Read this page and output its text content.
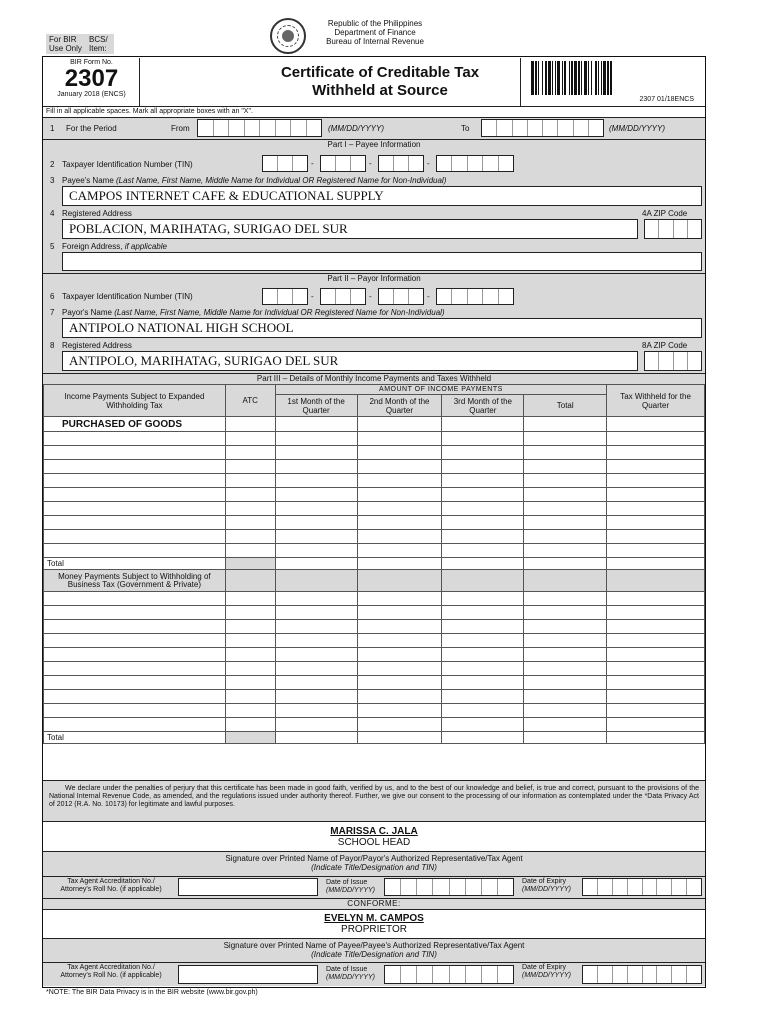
For BIR
Use Only
BCS/
Item:
Republic of the Philippines
Department of Finance
Bureau of Internal Revenue
BIR Form No.
2307
January 2018 (ENCS)
Certificate of Creditable Tax
Withheld at Source
2307 01/18ENCS
Fill in all applicable spaces. Mark all appropriate boxes with an "X".
1 For the Period	From	(MM/DD/YYYY)	To	(MM/DD/YYYY)
Part I – Payee Information
2 Taxpayer Identification Number (TIN)	-	-	-
3 Payee's Name (Last Name, First Name, Middle Name for Individual OR Registered Name for Non-Individual)
CAMPOS INTERNET CAFE & EDUCATIONAL SUPPLY
4 Registered Address	4A ZIP Code
POBLACION, MARIHATAG, SURIGAO DEL SUR
5 Foreign Address, if applicable
Part II – Payor Information
6 Taxpayer Identification Number (TIN)	-	-	-
7 Payor's Name (Last Name, First Name, Middle Name for Individual OR Registered Name for Non-Individual)
ANTIPOLO NATIONAL HIGH SCHOOL
8 Registered Address	8A ZIP Code
ANTIPOLO, MARIHATAG, SURIGAO DEL SUR
Part III – Details of Monthly Income Payments and Taxes Withheld
Income Payments Subject to Expanded Withholding Tax	ATC	AMOUNT OF INCOME PAYMENTS				Tax Withheld for the Quarter
		1st Month of the Quarter	2nd Month of the Quarter	3rd Month of the Quarter	Total	
PURCHASED OF GOODS						

Total						
Money Payments Subject to Withholding of Business Tax (Government & Private)						

Total						
We declare under the penalties of perjury that this certificate has been made in good faith, verified by us, and to the best of our knowledge and belief, is true and correct, pursuant to the provisions of the National Internal Revenue Code, as amended, and the regulations issued under authority thereof. Further, we give our consent to the processing of our information as contemplated under the *Data Privacy Act of 2012 (R.A. No. 10173) for legitimate and lawful purposes.
MARISSA C. JALA
SCHOOL HEAD
Signature over Printed Name of Payor/Payor's Authorized Representative/Tax Agent
(Indicate Title/Designation and TIN)
Tax Agent Accreditation No./
Attorney's Roll No. (if applicable)
Date of Issue
(MM/DD/YYYY)
Date of Expiry
(MM/DD/YYYY)
CONFORME:
EVELYN M. CAMPOS
PROPRIETOR
Signature over Printed Name of Payee/Payee's Authorized Representative/Tax Agent
(Indicate Title/Designation and TIN)
Tax Agent Accreditation No./
Attorney's Roll No. (if applicable)
Date of Issue
(MM/DD/YYYY)
Date of Expiry
(MM/DD/YYYY)
*NOTE: The BIR Data Privacy is in the BIR website (www.bir.gov.ph)
